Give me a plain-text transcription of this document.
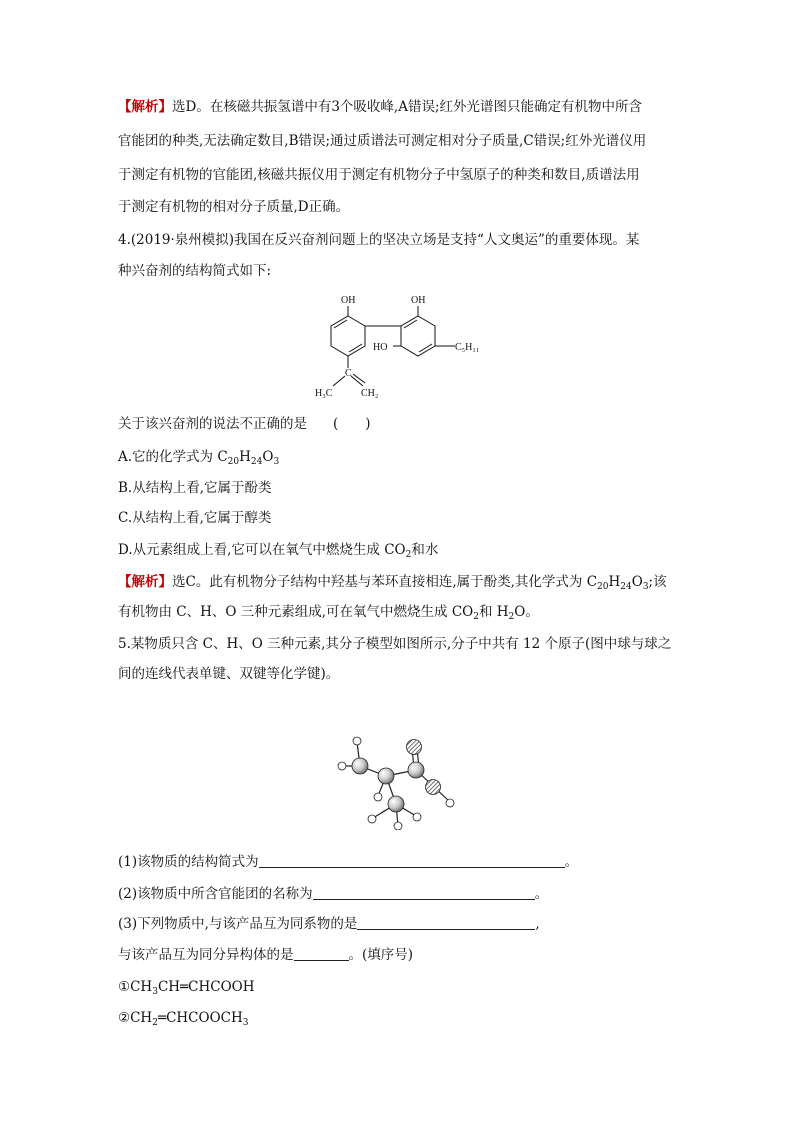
【解析】选D。在核磁共振氢谱中有3个吸收峰,A错误;红外光谱图只能确定有机物中所含
官能团的种类,无法确定数目,B错误;通过质谱法可测定相对分子质量,C错误;红外光谱仪用
于测定有机物的官能团,核磁共振仪用于测定有机物分子中氢原子的种类和数目,质谱法用
于测定有机物的相对分子质量,D正确。
4.(2019·泉州模拟)我国在反兴奋剂问题上的坚决立场是支持“人文奥运”的重要体现。某
种兴奋剂的结构简式如下:
OH	OH
HO	C₅H₁₁
C
H₃C	CH₂
关于该兴奋剂的说法不正确的是 (　　)
A.它的化学式为 $C_{20}H_{24}O_3$
B.从结构上看,它属于酚类
C.从结构上看,它属于醇类
D.从元素组成上看,它可以在氧气中燃烧生成 $CO_2$和水
【解析】选C。此有机物分子结构中羟基与苯环直接相连,属于酚类,其化学式为 $C_{20}H_{24}O_3$;该
有机物由 C、H、O 三种元素组成,可在氧气中燃烧生成 $CO_2$和 $H_2O$。
5.某物质只含 C、H、O 三种元素,其分子模型如图所示,分子中共有 12 个原子(图中球与球之
间的连线代表单键、双键等化学键)。
(1)该物质的结构简式为	。
(2)该物质中所含官能团的名称为	。
(3)下列物质中,与该产品互为同系物的是	,
与该产品互为同分异构体的是	。(填序号)
$①CH_3CH═CHCOOH$
$②CH_2═CHCOOCH_3$
